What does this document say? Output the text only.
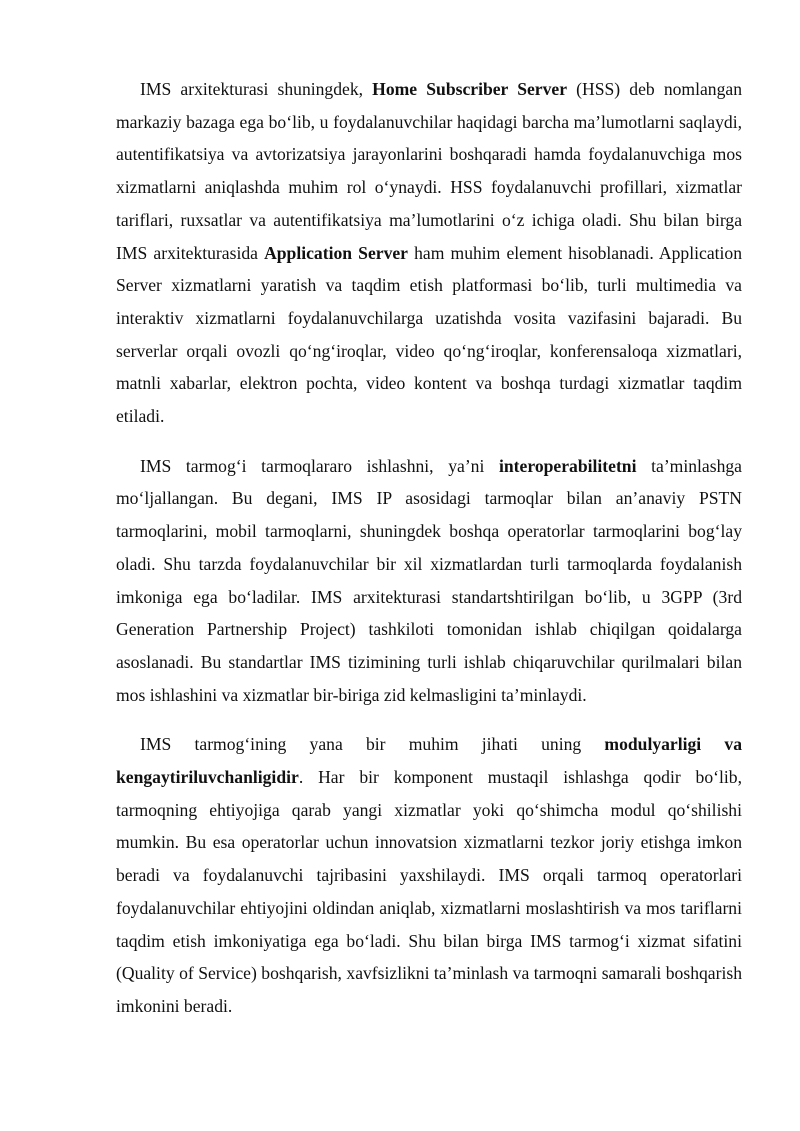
IMS arxitekturasi shuningdek, Home Subscriber Server (HSS) deb nomlangan markaziy bazaga ega bo‘lib, u foydalanuvchilar haqidagi barcha ma’lumotlarni saqlaydi, autentifikatsiya va avtorizatsiya jarayonlarini boshqaradi hamda foydalanuvchiga mos xizmatlarni aniqlashda muhim rol o‘ynaydi. HSS foydalanuvchi profillari, xizmatlar tariflari, ruxsatlar va autentifikatsiya ma’lumotlarini o‘z ichiga oladi. Shu bilan birga IMS arxitekturasida Application Server ham muhim element hisoblanadi. Application Server xizmatlarni yaratish va taqdim etish platformasi bo‘lib, turli multimedia va interaktiv xizmatlarni foydalanuvchilarga uzatishda vosita vazifasini bajaradi. Bu serverlar orqali ovozli qo‘ng‘iroqlar, video qo‘ng‘iroqlar, konferensaloqa xizmatlari, matnli xabarlar, elektron pochta, video kontent va boshqa turdagi xizmatlar taqdim etiladi.

IMS tarmog‘i tarmoqlararo ishlashni, ya’ni interoperabilitetni ta’minlashga mo‘ljallangan. Bu degani, IMS IP asosidagi tarmoqlar bilan an’anaviy PSTN tarmoqlarini, mobil tarmoqlarni, shuningdek boshqa operatorlar tarmoqlarini bog‘lay oladi. Shu tarzda foydalanuvchilar bir xil xizmatlardan turli tarmoqlarda foydalanish imkoniga ega bo‘ladilar. IMS arxitekturasi standartshtirilgan bo‘lib, u 3GPP (3rd Generation Partnership Project) tashkiloti tomonidan ishlab chiqilgan qoidalarga asoslanadi. Bu standartlar IMS tizimining turli ishlab chiqaruvchilar qurilmalari bilan mos ishlashini va xizmatlar bir-biriga zid kelmasligini ta’minlaydi.

IMS tarmog‘ining yana bir muhim jihati uning modulyarligi va kengaytiriluvchanligidir. Har bir komponent mustaqil ishlashga qodir bo‘lib, tarmoqning ehtiyojiga qarab yangi xizmatlar yoki qo‘shimcha modul qo‘shilishi mumkin. Bu esa operatorlar uchun innovatsion xizmatlarni tezkor joriy etishga imkon beradi va foydalanuvchi tajribasini yaxshilaydi. IMS orqali tarmoq operatorlari foydalanuvchilar ehtiyojini oldindan aniqlab, xizmatlarni moslashtirish va mos tariflarni taqdim etish imkoniyatiga ega bo‘ladi. Shu bilan birga IMS tarmog‘i xizmat sifatini (Quality of Service) boshqarish, xavfsizlikni ta’minlash va tarmoqni samarali boshqarish imkonini beradi.
